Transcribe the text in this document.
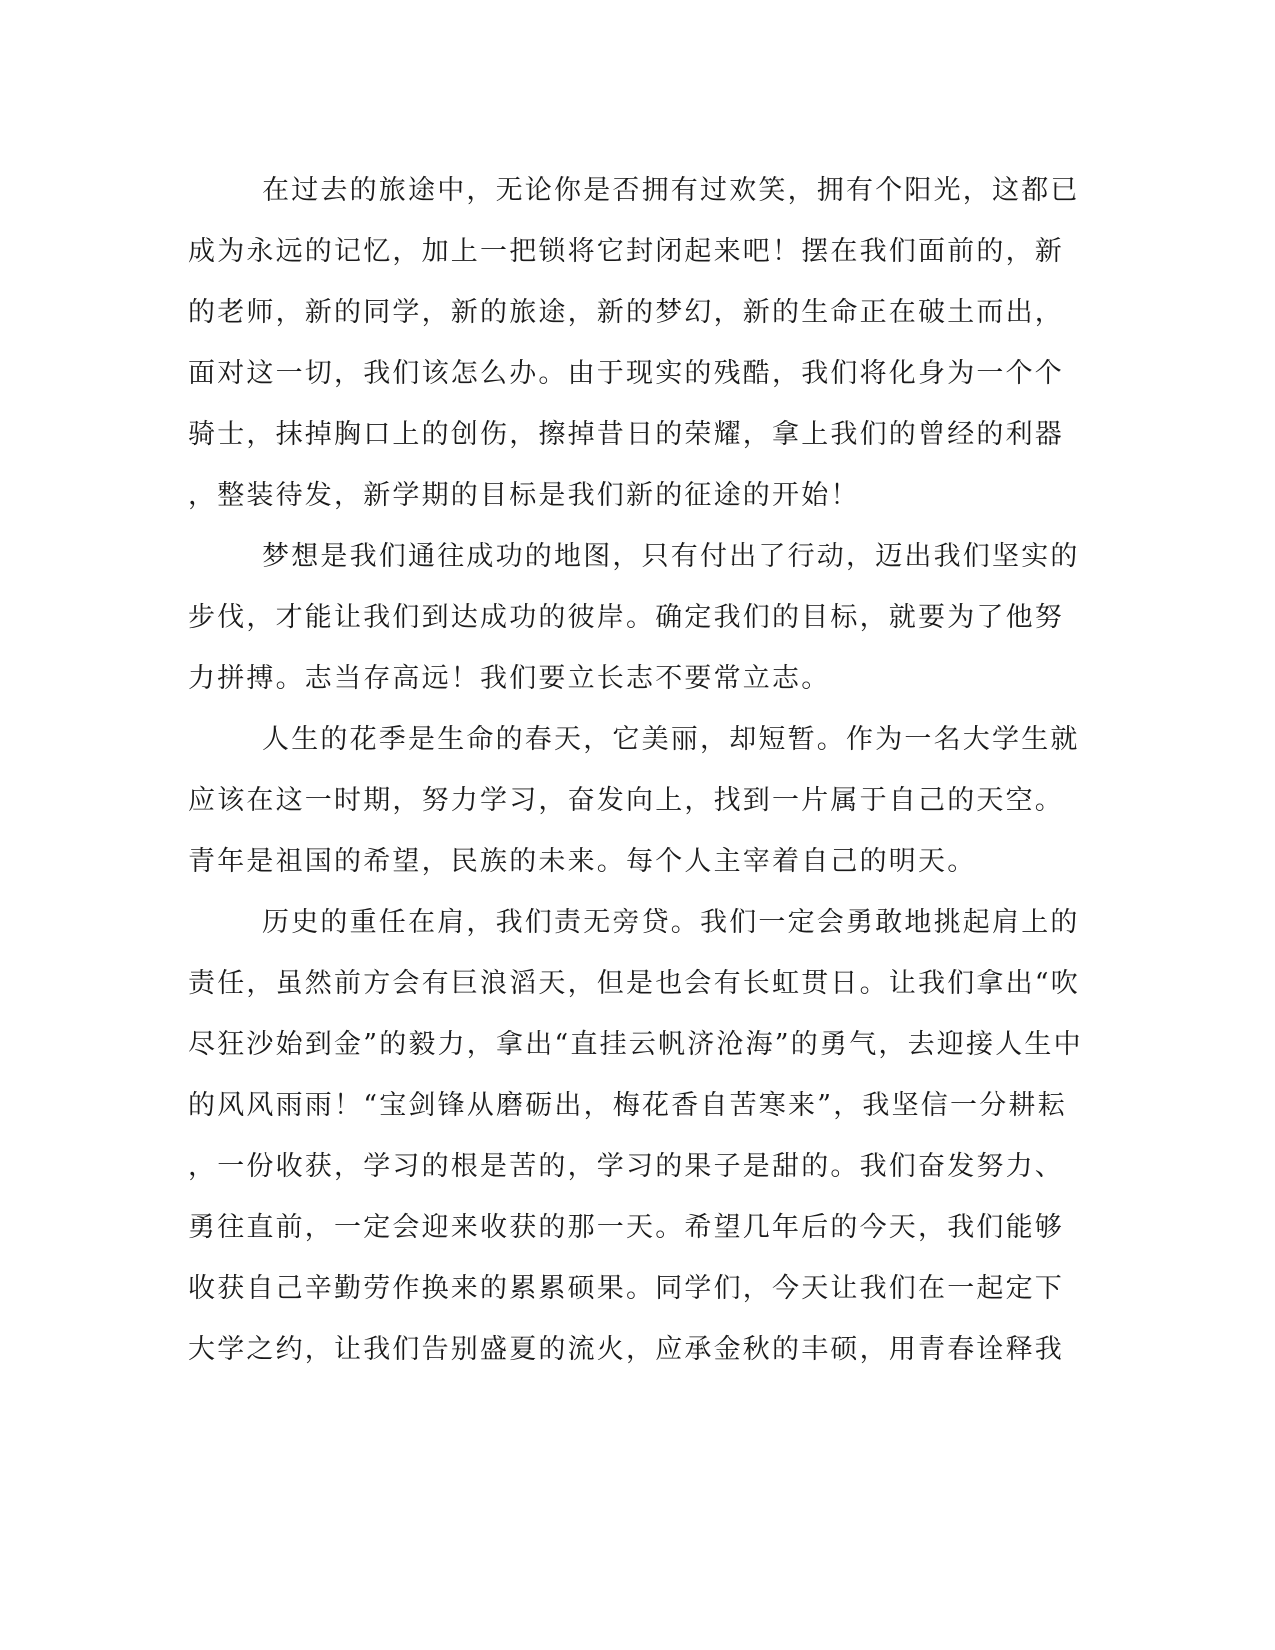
在过去的旅途中，无论你是否拥有过欢笑，拥有个阳光，这都已
成为永远的记忆，加上一把锁将它封闭起来吧！摆在我们面前的，新
的老师，新的同学，新的旅途，新的梦幻，新的生命正在破土而出，
面对这一切，我们该怎么办。由于现实的残酷，我们将化身为一个个
骑士，抹掉胸口上的创伤，擦掉昔日的荣耀，拿上我们的曾经的利器
，整装待发，新学期的目标是我们新的征途的开始！
梦想是我们通往成功的地图，只有付出了行动，迈出我们坚实的
步伐，才能让我们到达成功的彼岸。确定我们的目标，就要为了他努
力拼搏。志当存高远！我们要立长志不要常立志。
人生的花季是生命的春天，它美丽，却短暂。作为一名大学生就
应该在这一时期，努力学习，奋发向上，找到一片属于自己的天空。
青年是祖国的希望，民族的未来。每个人主宰着自己的明天。
历史的重任在肩，我们责无旁贷。我们一定会勇敢地挑起肩上的
责任，虽然前方会有巨浪滔天，但是也会有长虹贯日。让我们拿出“吹
尽狂沙始到金”的毅力，拿出“直挂云帆济沧海”的勇气，去迎接人生中
的风风雨雨！“宝剑锋从磨砺出，梅花香自苦寒来”，我坚信一分耕耘
，一份收获，学习的根是苦的，学习的果子是甜的。我们奋发努力、
勇往直前，一定会迎来收获的那一天。希望几年后的今天，我们能够
收获自己辛勤劳作换来的累累硕果。同学们，今天让我们在一起定下
大学之约，让我们告别盛夏的流火，应承金秋的丰硕，用青春诠释我
